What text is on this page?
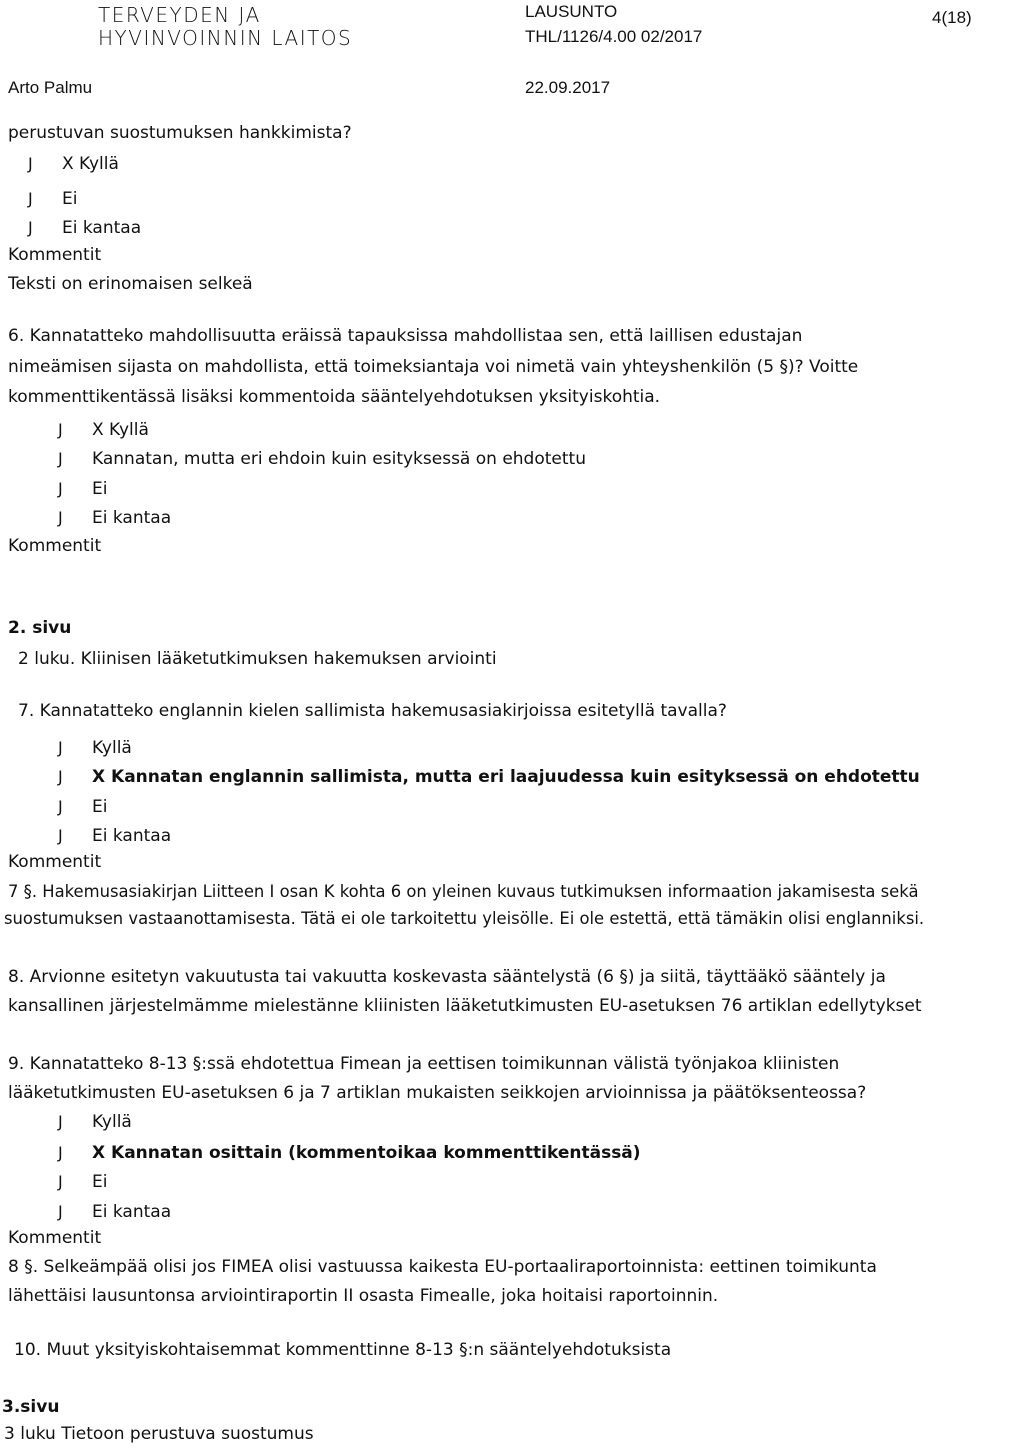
TERVEYDEN JA
HYVINVOINNIN LAITOS
LAUSUNTO
THL/1126/4.00 02/2017
4(18)
Arto Palmu	22.09.2017
perustuvan suostumuksen hankkimista?
J	X Kyllä
J	Ei
J	Ei kantaa
Kommentit
Teksti on erinomaisen selkeä
6. Kannatatteko mahdollisuutta eräissä tapauksissa mahdollistaa sen, että laillisen edustajan
nimeämisen sijasta on mahdollista, että toimeksiantaja voi nimetä vain yhteyshenkilön (5 §)? Voitte
kommenttikentässä lisäksi kommentoida sääntelyehdotuksen yksityiskohtia.
J	X Kyllä
J	Kannatan, mutta eri ehdoin kuin esityksessä on ehdotettu
J	Ei
J	Ei kantaa
Kommentit
2. sivu
2 luku. Kliinisen lääketutkimuksen hakemuksen arviointi
7. Kannatatteko englannin kielen sallimista hakemusasiakirjoissa esitetyllä tavalla?
J	Kyllä
J	X Kannatan englannin sallimista, mutta eri laajuudessa kuin esityksessä on ehdotettu
J	Ei
J	Ei kantaa
Kommentit
7 §. Hakemusasiakirjan Liitteen I osan K kohta 6 on yleinen kuvaus tutkimuksen informaation jakamisesta sekä
suostumuksen vastaanottamisesta. Tätä ei ole tarkoitettu yleisölle. Ei ole estettä, että tämäkin olisi englanniksi.
8. Arvionne esitetyn vakuutusta tai vakuutta koskevasta sääntelystä (6 §) ja siitä, täyttääkö sääntely ja
kansallinen järjestelmämme mielestänne kliinisten lääketutkimusten EU-asetuksen 76 artiklan edellytykset
9. Kannatatteko 8-13 §:ssä ehdotettua Fimean ja eettisen toimikunnan välistä työnjakoa kliinisten
lääketutkimusten EU-asetuksen 6 ja 7 artiklan mukaisten seikkojen arvioinnissa ja päätöksenteossa?
J	Kyllä
J	X Kannatan osittain (kommentoikaa kommenttikentässä)
J	Ei
J	Ei kantaa
Kommentit
8 §. Selkeämpää olisi jos FIMEA olisi vastuussa kaikesta EU-portaaliraportoinnista: eettinen toimikunta
lähettäisi lausuntonsa arviointiraportin II osasta Fimealle, joka hoitaisi raportoinnin.
10. Muut yksityiskohtaisemmat kommenttinne 8-13 §:n sääntelyehdotuksista
3.sivu
3 luku Tietoon perustuva suostumus
